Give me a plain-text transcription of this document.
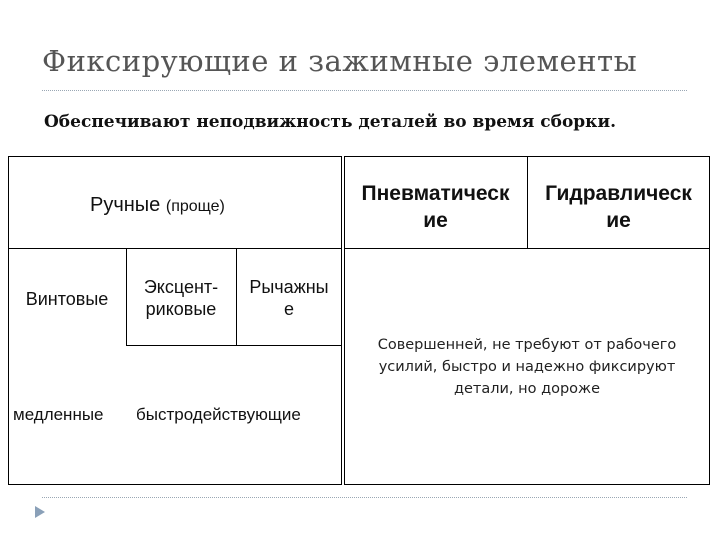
Фиксирующие и зажимные элементы
Обеспечивают неподвижность деталей во время сборки.
Ручные (проще)
Винтовые
Эксцент-
риковые
Рычажны
е
медленные быстродействующие
Пневматическ
ие
Гидравлическ
ие
Совершенней, не требуют от рабочего
усилий, быстро и надежно фиксируют
детали, но дороже
